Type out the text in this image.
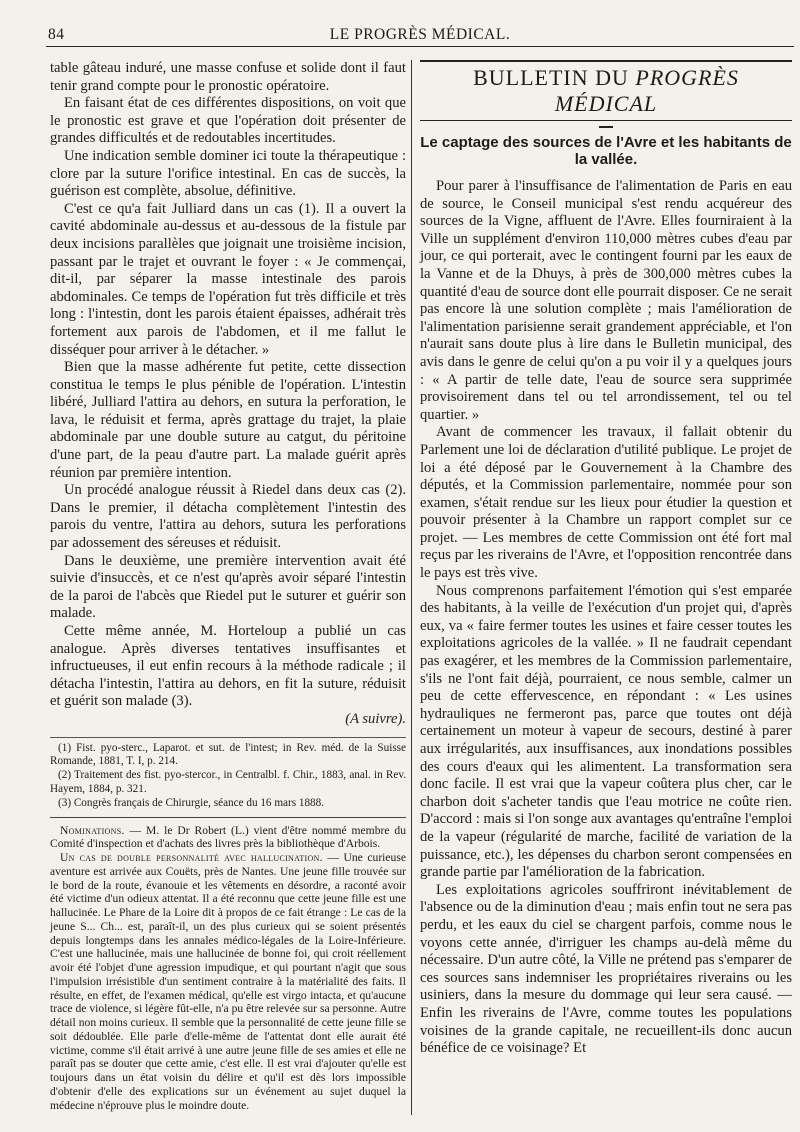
84	LE PROGRÈS MÉDICAL.

table gâteau induré, une masse confuse et solide dont il faut tenir grand compte pour le pronostic opératoire.

En faisant état de ces différentes dispositions, on voit que le pronostic est grave et que l'opération doit présenter de grandes difficultés et de redoutables incertitudes.

Une indication semble dominer ici toute la thérapeutique : clore par la suture l'orifice intestinal. En cas de succès, la guérison est complète, absolue, définitive.

C'est ce qu'a fait Julliard dans un cas (1). Il a ouvert la cavité abdominale au-dessus et au-dessous de la fistule par deux incisions parallèles que joignait une troisième incision, passant par le trajet et ouvrant le foyer : « Je commençai, dit-il, par séparer la masse intestinale des parois abdominales. Ce temps de l'opération fut très difficile et très long : l'intestin, dont les parois étaient épaisses, adhérait très fortement aux parois de l'abdomen, et il me fallut le disséquer pour arriver à le détacher. »

Bien que la masse adhérente fut petite, cette dissection constitua le temps le plus pénible de l'opération. L'intestin libéré, Julliard l'attira au dehors, en sutura la perforation, le lava, le réduisit et ferma, après grattage du trajet, la plaie abdominale par une double suture au catgut, du péritoine d'une part, de la peau d'autre part. La malade guérit après réunion par première intention.

Un procédé analogue réussit à Riedel dans deux cas (2). Dans le premier, il détacha complètement l'intestin des parois du ventre, l'attira au dehors, sutura les perforations par adossement des séreuses et réduisit.

Dans le deuxième, une première intervention avait été suivie d'insuccès, et ce n'est qu'après avoir séparé l'intestin de la paroi de l'abcès que Riedel put le suturer et guérir son malade.

Cette même année, M. Horteloup a publié un cas analogue. Après diverses tentatives insuffisantes et infructueuses, il eut enfin recours à la méthode radicale ; il détacha l'intestin, l'attira au dehors, en fit la suture, réduisit et guérit son malade (3).

(A suivre).

(1) Fist. pyo-sterc., Laparot. et sut. de l'intest; in Rev. méd. de la Suisse Romande, 1881, T. I, p. 214.

(2) Traitement des fist. pyo-stercor., in Centralbl. f. Chir., 1883, anal. in Rev. Hayem, 1884, p. 321.

(3) Congrès français de Chirurgie, séance du 16 mars 1888.

Nominations. — M. le Dr Robert (L.) vient d'être nommé membre du Comité d'inspection et d'achats des livres près la bibliothèque d'Arbois.

Un cas de double personnalité avec hallucination. — Une curieuse aventure est arrivée aux Couëts, près de Nantes. Une jeune fille trouvée sur le bord de la route, évanouie et les vêtements en désordre, a raconté avoir été victime d'un odieux attentat. Il a été reconnu que cette jeune fille est une hallucinée. Le Phare de la Loire dit à propos de ce fait étrange : Le cas de la jeune S... Ch... est, paraît-il, un des plus curieux qui se soient présentés depuis longtemps dans les annales médico-légales de la Loire-Inférieure. C'est une hallucinée, mais une hallucinée de bonne foi, qui croit réellement avoir été l'objet d'une agression impudique, et qui pourtant n'agit que sous l'impulsion irrésistible d'un sentiment contraire à la matérialité des faits. Il résulte, en effet, de l'examen médical, qu'elle est virgo intacta, et qu'aucune trace de violence, si légère fût-elle, n'a pu être relevée sur sa personne. Autre détail non moins curieux. Il semble que la personnalité de cette jeune fille se soit dédoublée. Elle parle d'elle-même de l'attentat dont elle aurait été victime, comme s'il était arrivé à une autre jeune fille de ses amies et elle ne paraît pas se douter que cette amie, c'est elle. Il est vrai d'ajouter qu'elle est toujours dans un état voisin du délire et qu'il est dès lors impossible d'obtenir d'elle des explications sur un événement au sujet duquel la médecine n'éprouve plus le moindre doute.

BULLETIN DU PROGRÈS MÉDICAL
Le captage des sources de l'Avre et les habitants de la vallée.

Pour parer à l'insuffisance de l'alimentation de Paris en eau de source, le Conseil municipal s'est rendu acquéreur des sources de la Vigne, affluent de l'Avre. Elles fourniraient à la Ville un supplément d'environ 110,000 mètres cubes d'eau par jour, ce qui porterait, avec le contingent fourni par les eaux de la Vanne et de la Dhuys, à près de 300,000 mètres cubes la quantité d'eau de source dont elle pourrait disposer. Ce ne serait pas encore là une solution complète ; mais l'amélioration de l'alimentation parisienne serait grandement appréciable, et l'on n'aurait sans doute plus à lire dans le Bulletin municipal, des avis dans le genre de celui qu'on a pu voir il y a quelques jours : « A partir de telle date, l'eau de source sera supprimée provisoirement dans tel ou tel arrondissement, tel ou tel quartier. »

Avant de commencer les travaux, il fallait obtenir du Parlement une loi de déclaration d'utilité publique. Le projet de loi a été déposé par le Gouvernement à la Chambre des députés, et la Commission parlementaire, nommée pour son examen, s'était rendue sur les lieux pour étudier la question et pouvoir présenter à la Chambre un rapport complet sur ce projet. — Les membres de cette Commission ont été fort mal reçus par les riverains de l'Avre, et l'opposition rencontrée dans le pays est très vive.

Nous comprenons parfaitement l'émotion qui s'est emparée des habitants, à la veille de l'exécution d'un projet qui, d'après eux, va « faire fermer toutes les usines et faire cesser toutes les exploitations agricoles de la vallée. » Il ne faudrait cependant pas exagérer, et les membres de la Commission parlementaire, s'ils ne l'ont fait déjà, pourraient, ce nous semble, calmer un peu de cette effervescence, en répondant : « Les usines hydrauliques ne fermeront pas, parce que toutes ont déjà certainement un moteur à vapeur de secours, destiné à parer aux irrégularités, aux insuffisances, aux inondations possibles des cours d'eaux qui les alimentent. La transformation sera donc facile. Il est vrai que la vapeur coûtera plus cher, car le charbon doit s'acheter tandis que l'eau motrice ne coûte rien. D'accord : mais si l'on songe aux avantages qu'entraîne l'emploi de la vapeur (régularité de marche, facilité de variation de la puissance, etc.), les dépenses du charbon seront compensées en grande partie par l'amélioration de la fabrication.

Les exploitations agricoles souffriront inévitablement de l'absence ou de la diminution d'eau ; mais enfin tout ne sera pas perdu, et les eaux du ciel se chargent parfois, comme nous le voyons cette année, d'irriguer les champs au-delà même du nécessaire. D'un autre côté, la Ville ne prétend pas s'emparer de ces sources sans indemniser les propriétaires riverains ou les usiniers, dans la mesure du dommage qui leur sera causé. — Enfin les riverains de l'Avre, comme toutes les populations voisines de la grande capitale, ne recueillent-ils donc aucun bénéfice de ce voisinage? Et
